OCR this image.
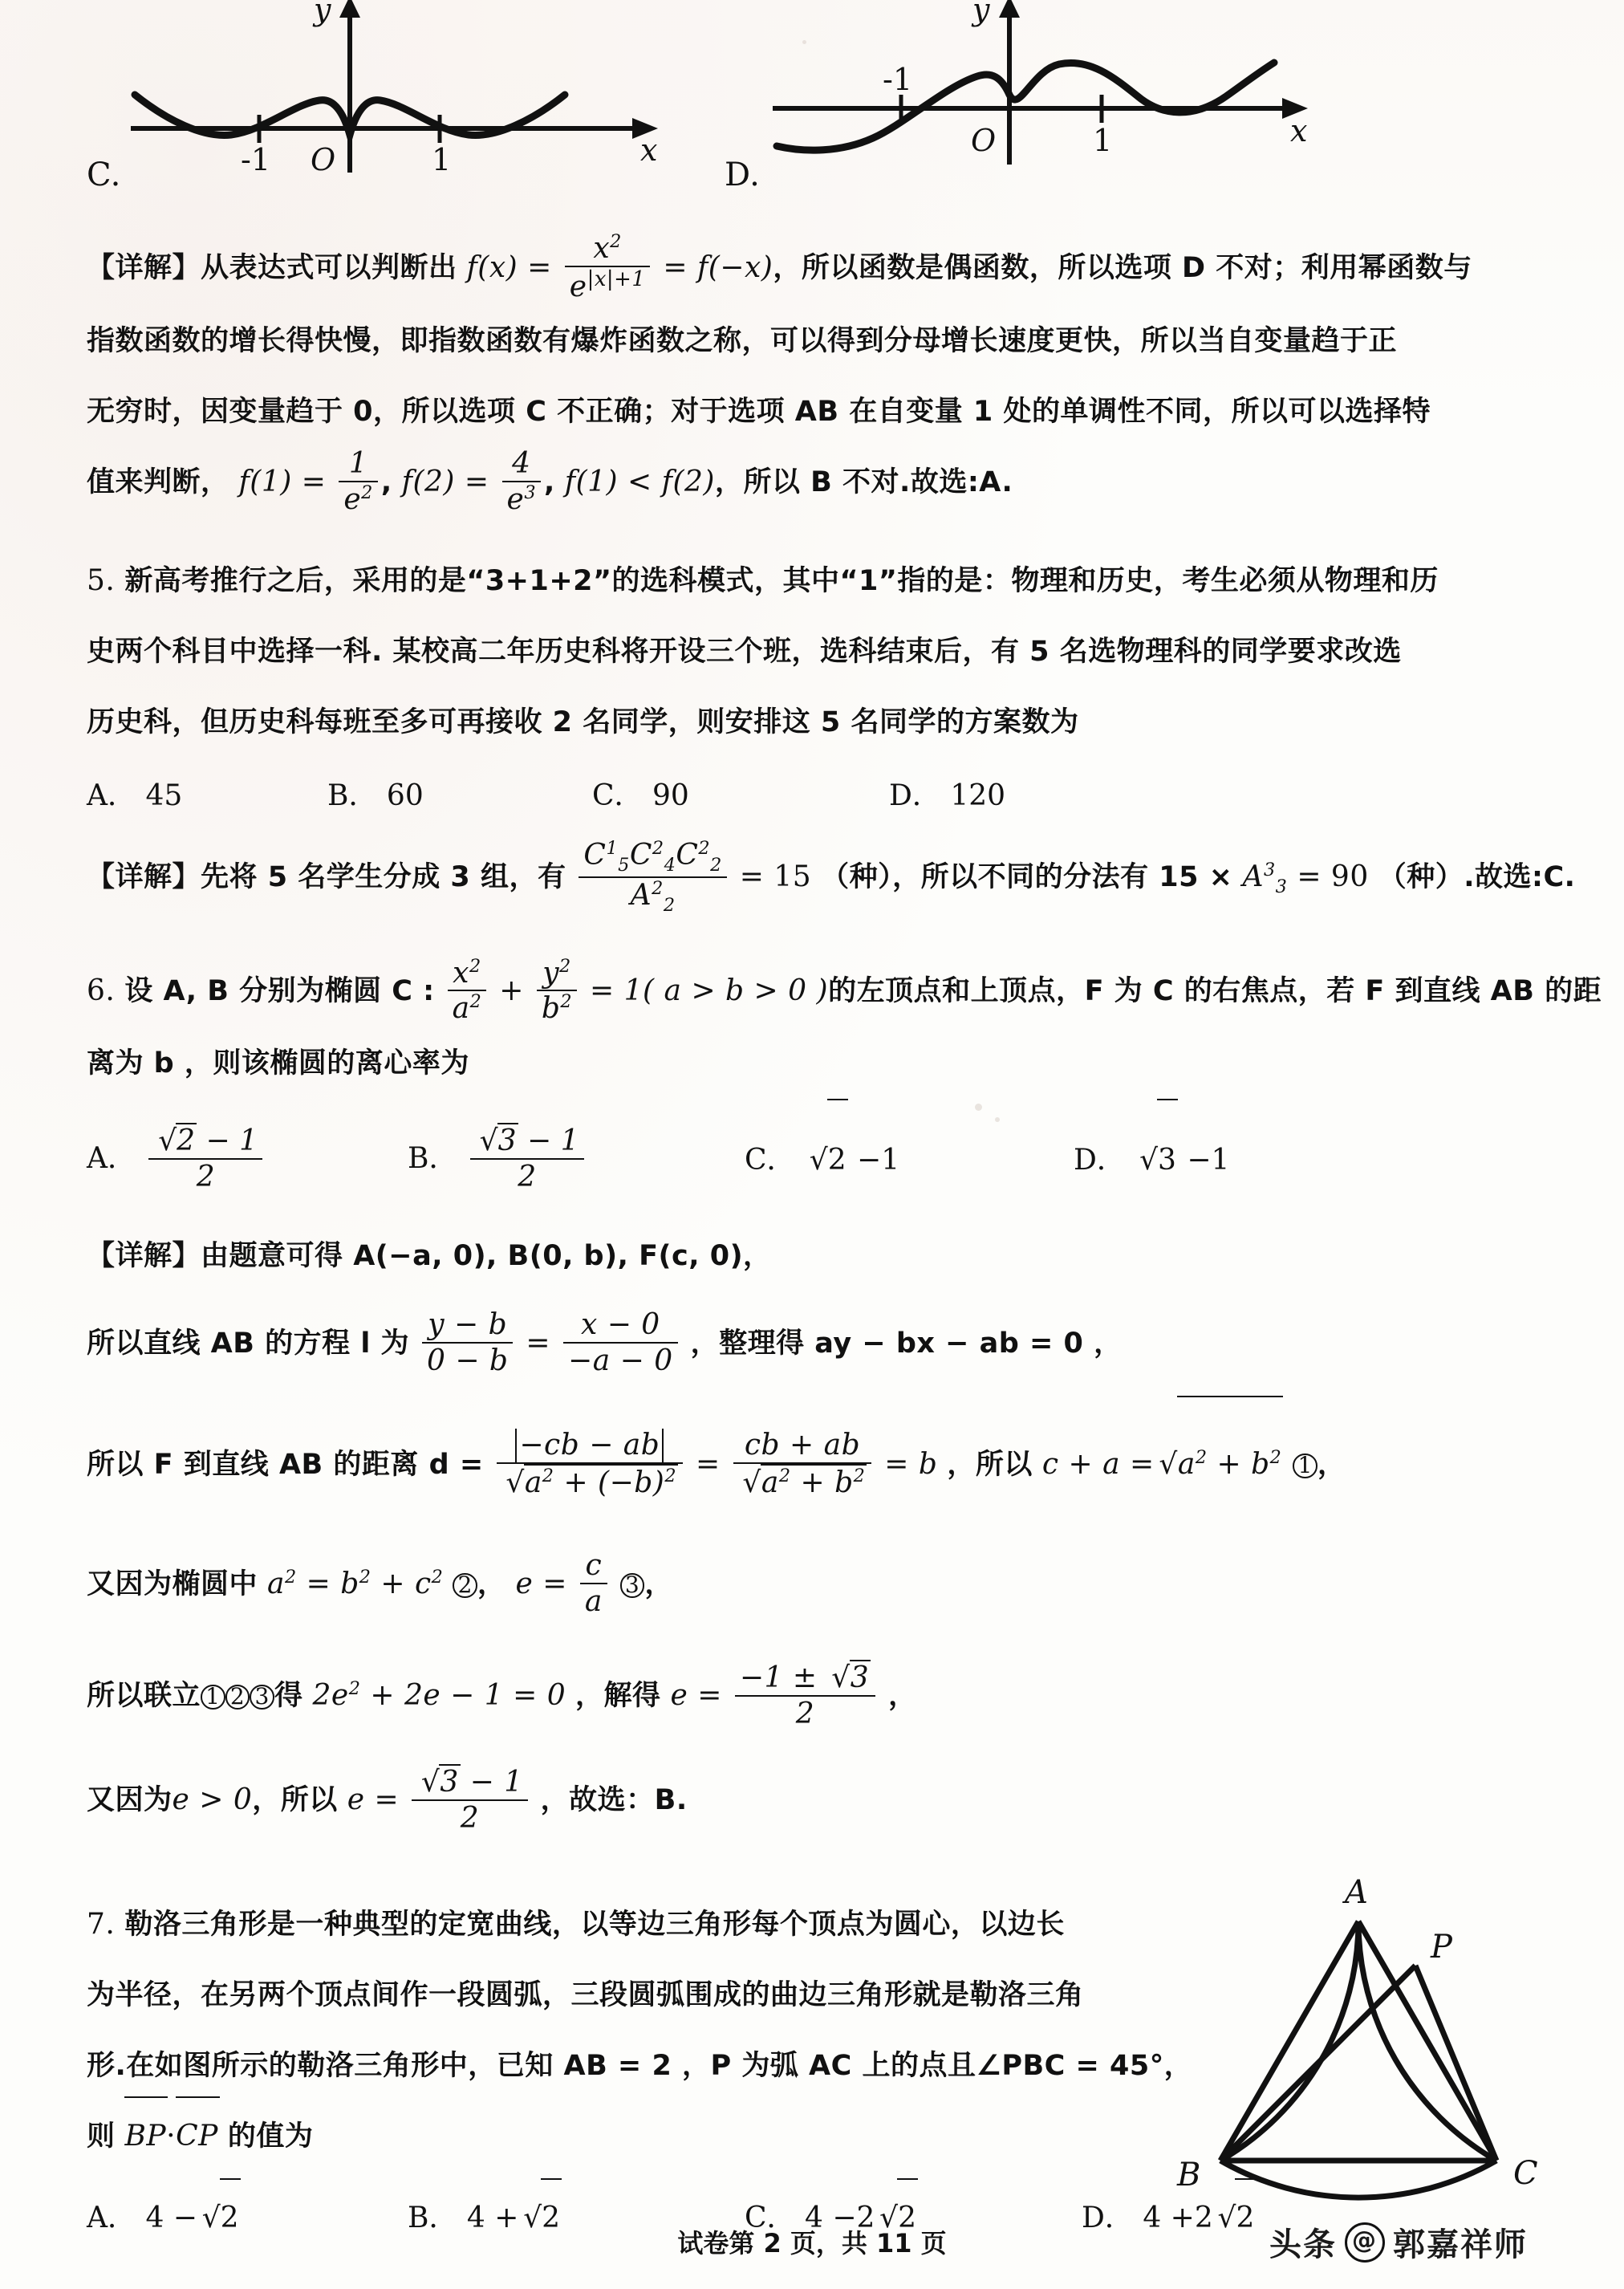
y
x
O
-1	1
C.
y
x
O
-1
1
D.
【详解】从表达式可以判断出 $f(x) = \frac{x^2}{e^{|x|+1}} = f(-x)$，所以函数是偶函数，所以选项 D 不对；利用幂函数与
指数函数的增长得快慢，即指数函数有爆炸函数之称，可以得到分母增长速度更快，所以当自变量趋于正
无穷时，因变量趋于 0，所以选项 C 不正确；对于选项 AB 在自变量 1 处的单调性不同，所以可以选择特
值来判断， $f(1) = \frac{1}{e^2}$ , $f(2) = \frac{4}{e^3}$ , f(1) < f(2)，所以 B 不对.故选:A.
5. 新高考推行之后，采用的是“3+1+2”的选科模式，其中“1”指的是：物理和历史，考生必须从物理和历
史两个科目中选择一科. 某校高二年历史科将开设三个班，选科结束后，有 5 名选物理科的同学要求改选
历史科，但历史科每班至多可再接收 2 名同学，则安排这 5 名同学的方案数为
A． 45	B． 60	C． 90	D． 120
【详解】先将 5 名学生分成 3 组，有 $\frac{C^1_5C^2_4C^2_2}{A^2_2} = 15$ （种），所以不同的分法有 $15 \times A^3_3 = 90$ （种）.故选:C.
6. 设 A, B 分别为椭圆 C : $\frac{x^2}{a^2} + \frac{y^2}{b^2} = 1$( a > b > 0 )的左顶点和上顶点，F 为 C 的右焦点，若 F 到直线 AB 的距
离为 b ，则该椭圆的离心率为
A． √ $\frac{2 - 1}{2}$	B． √ $\frac{3 - 1}{2}$	C． √ 2 −1	D． √ 3 −1
【详解】由题意可得 A(−a, 0), B(0, b), F(c, 0)，
所以直线 AB 的方程 l 为 $\frac{y - b}{0 - b} = \frac{x - 0}{-a - 0}$ ，整理得 ay − bx − ab = 0 ，
所以 F 到直线 AB 的距离 d = −cb − ab
√ $a^2 + (-b)^2$ = cb + ab
√ $a^2 + b^2 = b$ ，所以 c + a = √ $a^2 + b^2$ 1 ，
又因为椭圆中 $a^2 = b^2 + c^2$ 2 ， $e = \frac{c}{a} 3$ ，
所以联立 1 2 3 得 $2e^2 + 2e - 1 = 0$ ，解得 $e = \frac{-1 \pm √ 3}{2}$ ，
又因为e > 0，所以 e = √ $\frac{3 - 1}{2}$ ，故选：B.
7. 勒洛三角形是一种典型的定宽曲线，以等边三角形每个顶点为圆心，以边长
为半径，在另两个顶点间作一段圆弧，三段圆弧围成的曲边三角形就是勒洛三角
形.在如图所示的勒洛三角形中，已知 AB = 2 ，P 为弧 AC 上的点且∠PBC = 45°，
则 BP·CP 的值为
A
B	C
P
A． 4 − √ 2	B． 4 + √ 2	C． 4 −2 √ 2	D． 4 +2 √ 2
试卷第 2 页，共 11 页	头条 @ 郭嘉祥师
